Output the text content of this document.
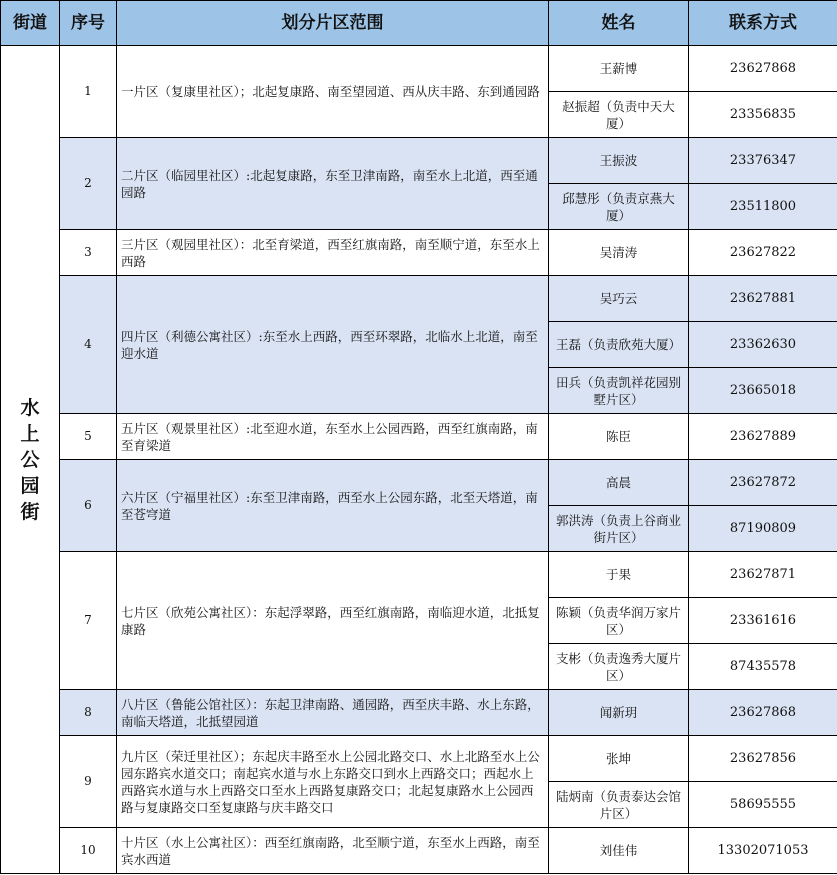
街道	序号	划分片区范围	姓名	联系方式
水上公园街	1	一片区（复康里社区）；北起复康路、南至望园道、西从庆丰路、东到通园路	王薪博	23627868
			赵振超（负责中天大厦）	23356835
	2	二片区（临园里社区）:北起复康路，东至卫津南路，南至水上北道，西至通园路	王振波	23376347
			邱慧彤（负责京燕大厦）	23511800
	3	三片区（观园里社区）：北至育梁道，西至红旗南路，南至顺宁道，东至水上西路	吴清涛	23627822
	4	四片区（利德公寓社区）:东至水上西路，西至环翠路，北临水上北道，南至迎水道	吴巧云	23627881
			王磊（负责欣苑大厦）	23362630
			田兵（负责凯祥花园别墅片区）	23665018
	5	五片区（观景里社区）:北至迎水道，东至水上公园西路，西至红旗南路，南至育梁道	陈臣	23627889
	6	六片区（宁福里社区）:东至卫津南路，西至水上公园东路，北至天塔道，南至苍穹道	高晨	23627872
			郭洪涛（负责上谷商业街片区）	87190809
	7	七片区（欣苑公寓社区）：东起浮翠路，西至红旗南路，南临迎水道，北抵复康路	于果	23627871
			陈颖（负责华润万家片区）	23361616
			支彬（负责逸秀大厦片区）	87435578
	8	八片区（鲁能公馆社区）：东起卫津南路、通园路，西至庆丰路、水上东路，南临天塔道，北抵望园道	闻新玥	23627868
	9	九片区（荣迁里社区）；东起庆丰路至水上公园北路交口、水上北路至水上公园东路宾水道交口；南起宾水道与水上东路交口到水上西路交口；西起水上西路宾水道与水上西路交口至水上西路复康路交口；北起复康路水上公园西路与复康路交口至复康路与庆丰路交口	张坤	23627856
			陆炳南（负责泰达会馆片区）	58695555
	10	十片区（水上公寓社区）：西至红旗南路，北至顺宁道，东至水上西路，南至宾水西道	刘佳伟	13302071053
